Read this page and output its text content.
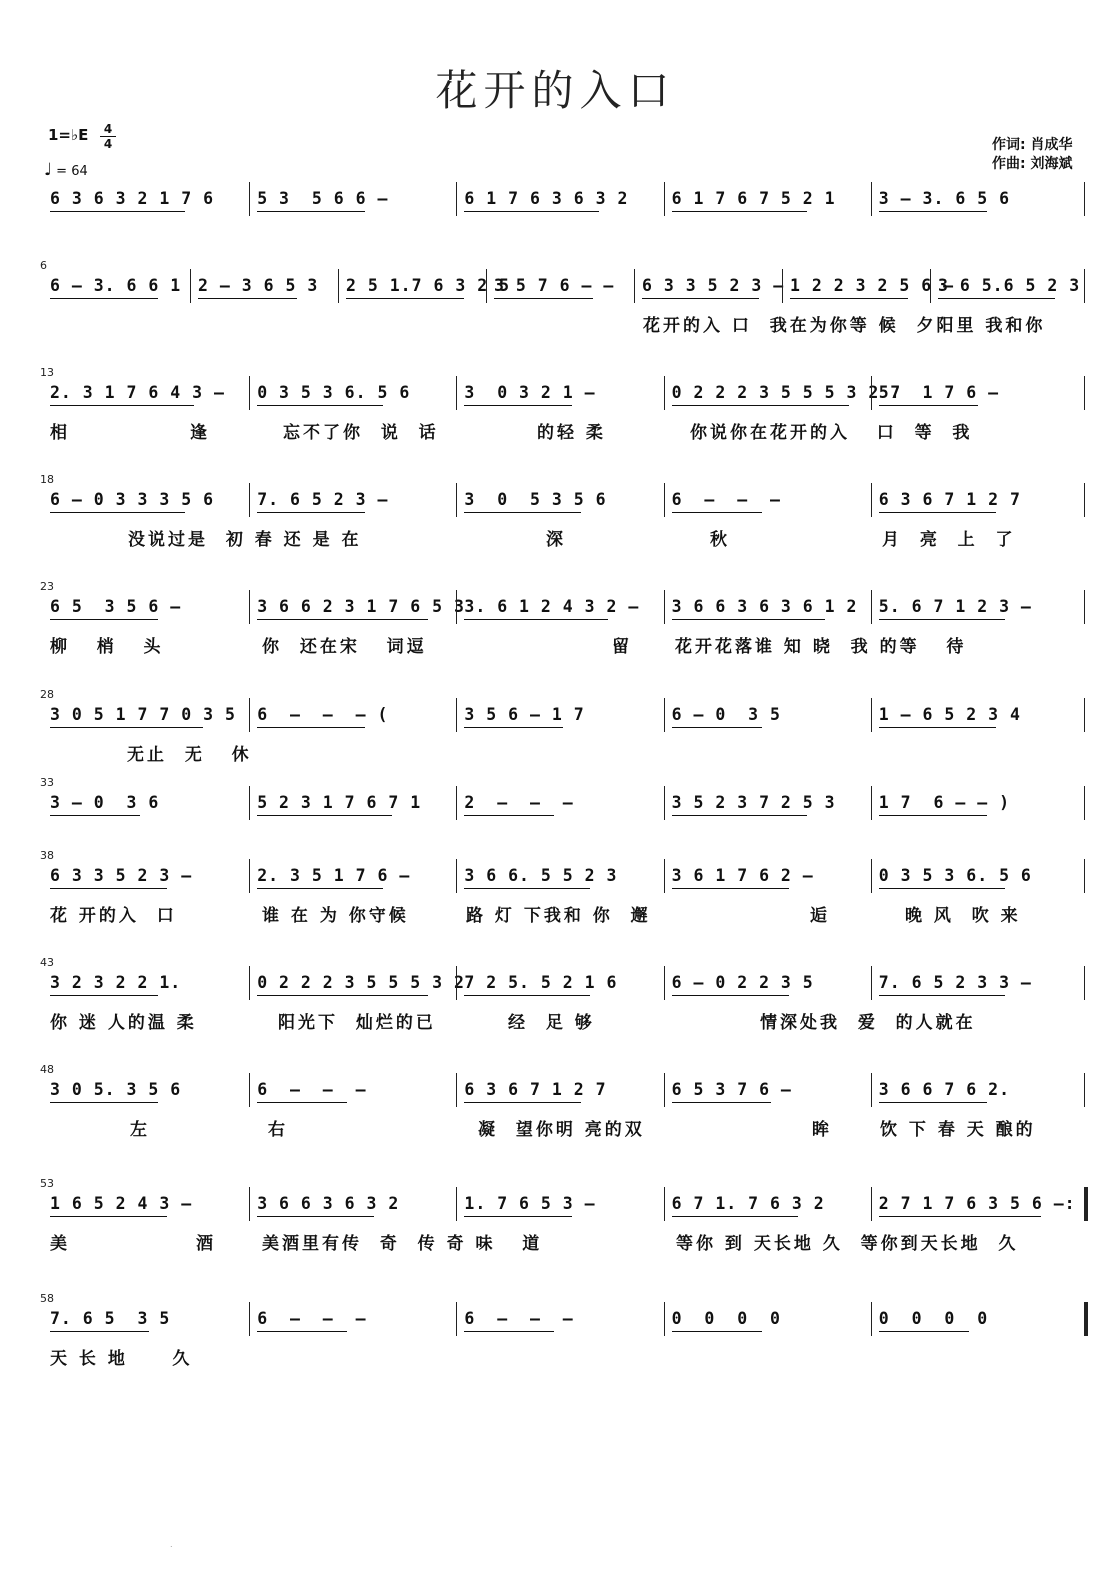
花开的入口
1=♭E	4
4
♩ = 64
作词: 肖成华
作曲: 刘海斌
6 3 6 3 2 1 7 6	5 3  5 6 6 –	6 1 7 6 3 6 3 2	6 1 7 6 7 5 2 1	3 – 3. 6 5 6
6
6 – 3. 6 6 1 2 – 3 6 5 3	2 5 1.7 6 3 2 5
3 5 7 6 – –	6 3 3 5 2 3 – 1 2 2 3 2 5 6 –
3 6 5.6 5 2 3
花开的入 口  我在为你等 候  夕阳里 我和你
13
2. 3 1 7 6 4 3 –	0 3 5 3 6. 5 6	3  0 3 2 1 –	0 2 2 2 3 5 5 5 3 2 7
5.  1 7 6 –
相	逢	忘不了你  说  话	的轻 柔	你说你在花开的入   口  等  我
18
6 – 0 3 3 3 5 6	7. 6 5 2 3 –	3  0  5 3 5 6	6  –  –  –	6 3 6 7 1 2 7
没说过是  初 春 还 是 在	深	秋	月  亮  上  了
23
6 5  3 5 6 –	3 6 6 2 3 1 7 6 5 3 3. 6 1 2 4 3 2 –	3 6 6 3 6 3 6 1 2	5. 6 7 1 2 3 –
柳   梢   头	你  还在宋   词逗	留	花开花落谁 知 晓  我 的等   待
28
3 0 5 1 7 7 0 3 5	6  –  –  – (	3 5 6 – 1 7	6 – 0  3 5	1 – 6 5 2 3 4
无止  无   休
33
3 – 0  3 6	5 2 3 1 7 6 7 1	2  –  –  –	3 5 2 3 7 2 5 3	1 7  6 – – )
38
6 3 3 5 2 3 –	2. 3 5 1 7 6 –	3 6 6. 5 5 2 3	3 6 1 7 6 2 –	0 3 5 3 6. 5 6
花 开的入  口	谁 在 为 你守候	路 灯 下我和 你  邂	逅	晚 风  吹 来
43
3 2 3 2 2 1.	0 2 2 2 3 5 5 5 3 2 7 2 5. 5 2 1 6	6 – 0 2 2 3 5	7. 6 5 2 3 3 –
你 迷 人的温 柔	阳光下  灿烂的已	经  足 够	情深处我  爱  的人就在
48
3 0 5. 3 5 6	6  –  –  –	6 3 6 7 1 2 7	6 5 3 7 6 –	3 6 6 7 6 2.
左	右	凝  望你明 亮的双	眸	饮 下 春 天 酿的
53
1 6 5 2 4 3 –	3 6 6 3 6 3 2	1. 7 6 5 3 –	6 7 1. 7 6 3 2	2 7 1 7 6 3 5 6 –:
美	酒	美酒里有传  奇  传 奇 味   道	等你 到 天长地 久  等你到天长地  久
58
7. 6 5  3 5	6  –  –  –	6  –  –  –	0  0  0  0	0  0  0  0
天 长 地     久
.
